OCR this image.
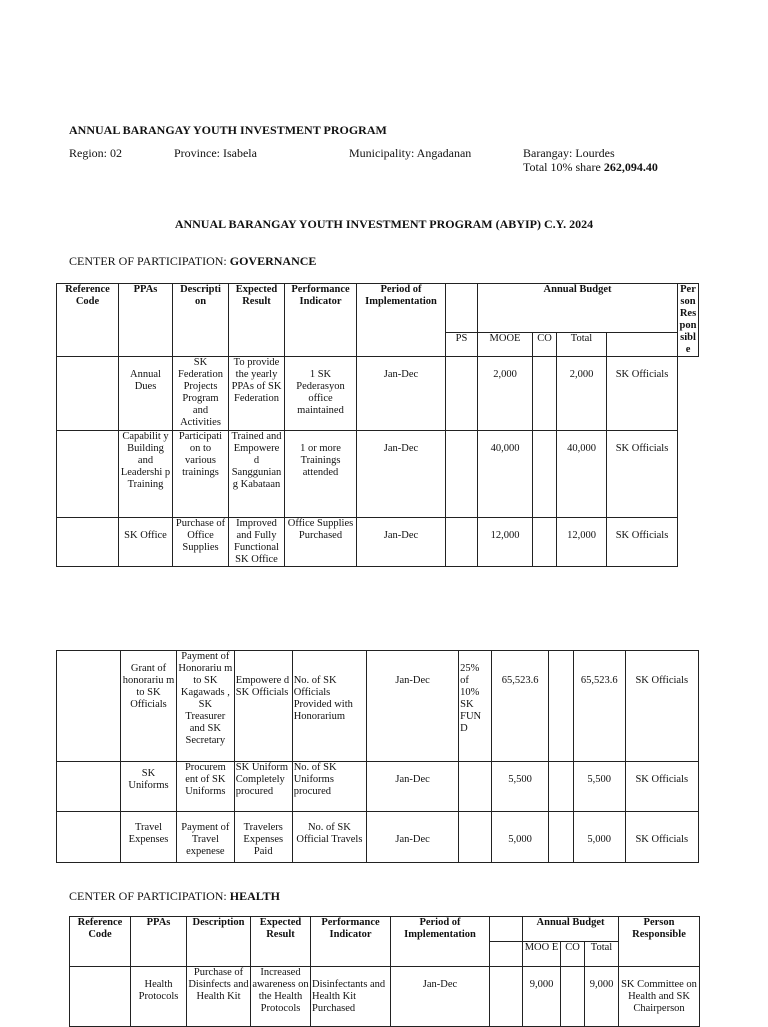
ANNUAL BARANGAY YOUTH INVESTMENT PROGRAM
Region: 02	Province: Isabela	Municipality: Angadanan	Barangay: Lourdes
Total 10% share 262,094.40
ANNUAL BARANGAY YOUTH INVESTMENT PROGRAM (ABYIP) C.Y. 2024
CENTER OF PARTICIPATION: GOVERNANCE
Reference Code	PPAs	Descripti on	Expected Result	Performance Indicator	Period of Implementation		Annual Budget				Person Responsible
						PS	MOOE	CO	Total		
	Annual Dues	SK Federation Projects Program and Activities	To provide the yearly PPAs of SK Federation	1 SK Pederasyon office maintained	Jan-Dec		2,000		2,000	SK Officials	
	Capabilit y Building and Leadershi p Training	Participati on to various trainings	Trained and Empowere d Sanggunian g Kabataan	1 or more Trainings attended	Jan-Dec		40,000		40,000	SK Officials	
	SK Office	Purchase of Office Supplies	Improved and Fully Functional SK Office	Office Supplies Purchased	Jan-Dec		12,000		12,000	SK Officials	
	Grant of honorariu m to SK Officials	Payment of Honorariu m to SK Kagawads , SK Treasurer and SK Secretary	Empowere d SK Officials	No. of SK Officials Provided with Honorarium	Jan-Dec	25% of 10% SK FUN D	65,523.6		65,523.6	SK Officials
	SK Uniforms	Procurem ent of SK Uniforms	SK Uniform Completely procured	No. of SK Uniforms procured	Jan-Dec		5,500		5,500	SK Officials
	Travel Expenses	Payment of Travel expenese	Travelers Expenses Paid	No. of SK Official Travels	Jan-Dec		5,000		5,000	SK Officials
CENTER OF PARTICIPATION: HEALTH
Reference Code	PPAs	Description	Expected Result	Performance Indicator	Period of Implementation		Annual Budget			Person Responsible
							MOO E	CO	Total	
	Health Protocols	Purchase of Disinfects and Health Kit	Increased awareness on the Health Protocols	Disinfectants and Health Kit Purchased	Jan-Dec		9,000		9,000	SK Committee on Health and SK Chairperson
